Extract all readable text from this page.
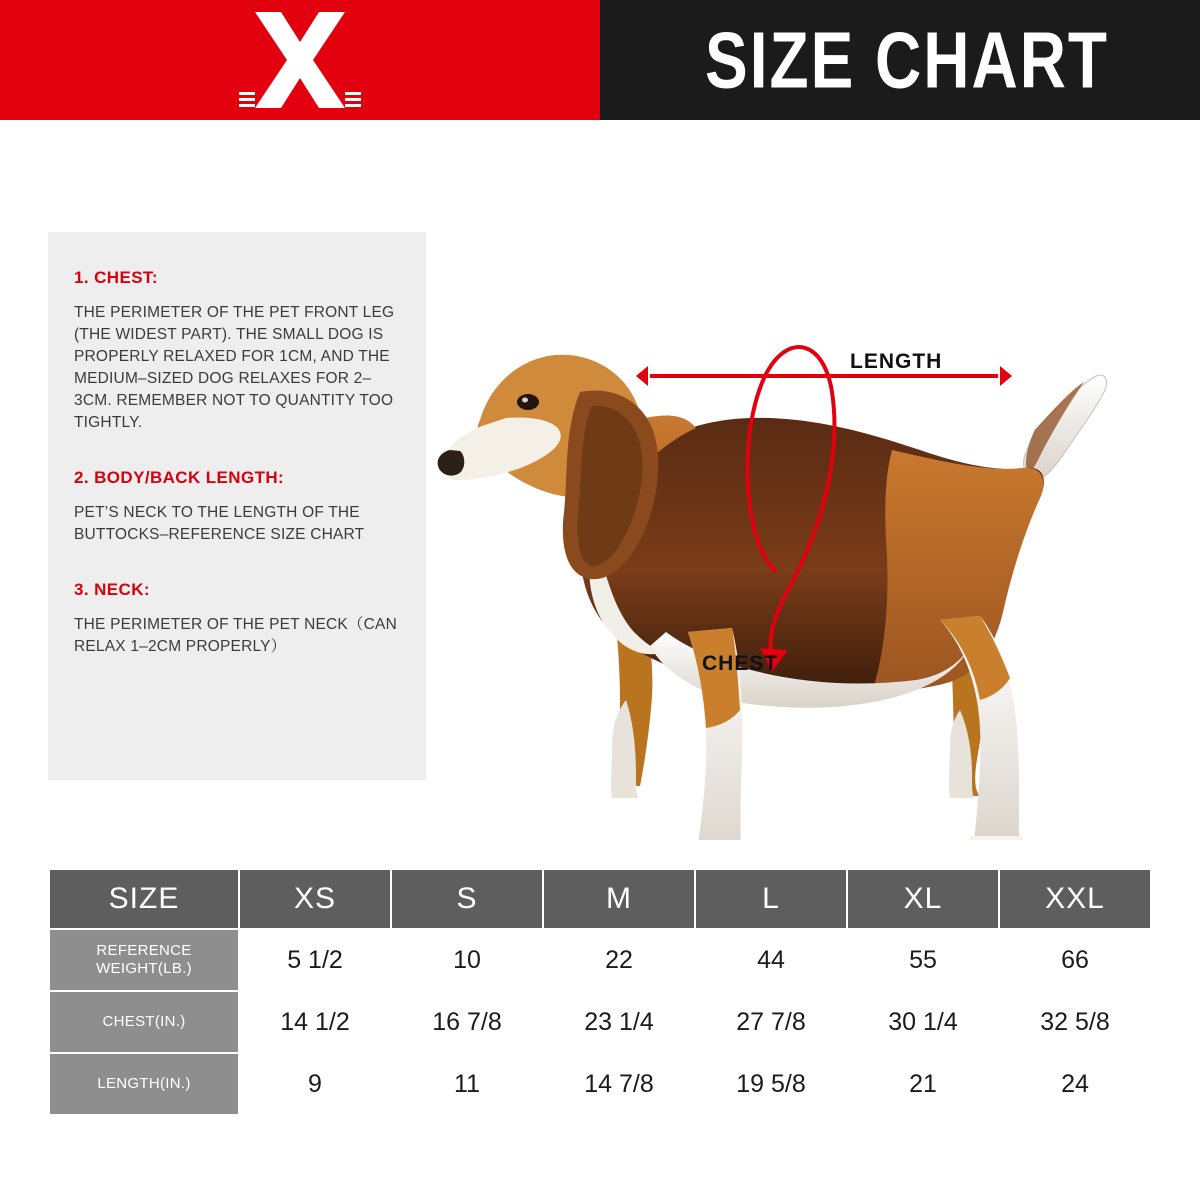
SIZE CHART
1. CHEST:
THE PERIMETER OF THE PET FRONT LEG (THE WIDEST PART). THE SMALL DOG IS PROPERLY RELAXED FOR 1CM, AND THE MEDIUM–SIZED DOG RELAXES FOR 2–3CM. REMEMBER NOT TO QUANTITY TOO TIGHTLY.
2. BODY/BACK LENGTH:
PET’S NECK TO THE LENGTH OF THE BUTTOCKS–REFERENCE SIZE CHART
3. NECK:
THE PERIMETER OF THE PET NECK（CAN RELAX 1–2CM PROPERLY）
LENGTH
CHEST
SIZE	XS	S	M	L	XL	XXL

REFERENCE
WEIGHT(LB.)	5 1/2	10	22	44	55	66
CHEST(IN.)	14 1/2	16 7/8	23 1/4	27 7/8	30 1/4	32 5/8
LENGTH(IN.)	9	11	14 7/8	19 5/8	21	24
